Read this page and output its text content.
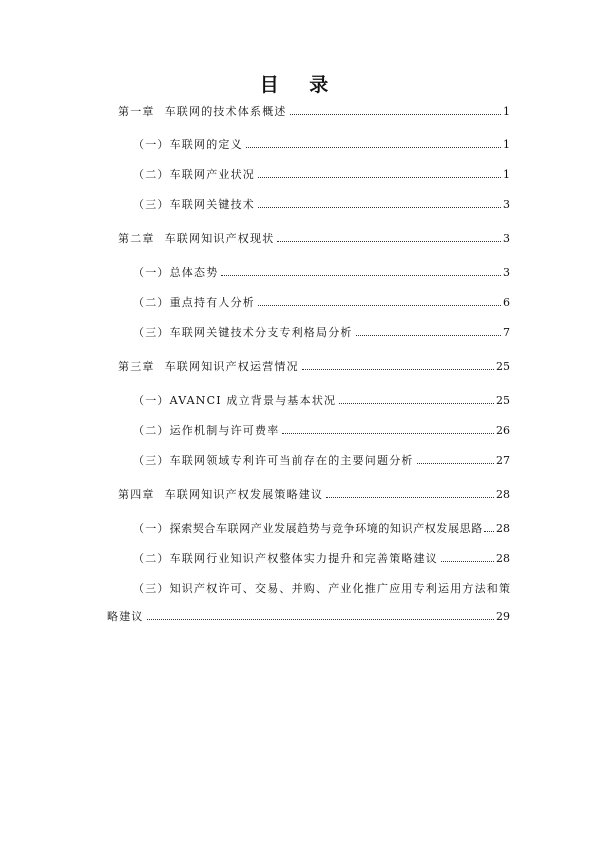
目 录
第一章 车联网的技术体系概述	1
（一） 车联网的定义	1
（二） 车联网产业状况	1
（三） 车联网关键技术	3
第二章 车联网知识产权现状	3
（一） 总体态势	3
（二） 重点持有人分析	6
（三） 车联网关键技术分支专利格局分析	7
第三章 车联网知识产权运营情况	25
（一） AVANCI 成立背景与基本状况	25
（二） 运作机制与许可费率	26
（三） 车联网领域专利许可当前存在的主要问题分析	27
第四章 车联网知识产权发展策略建议	28
（一） 探索契合车联网产业发展趋势与竞争环境的知识产权发展思路 28
（二） 车联网行业知识产权整体实力提升和完善策略建议	28
（三）知识产权许可、交易、并购、产业化推广应用专利运用方法和策
略建议	29
